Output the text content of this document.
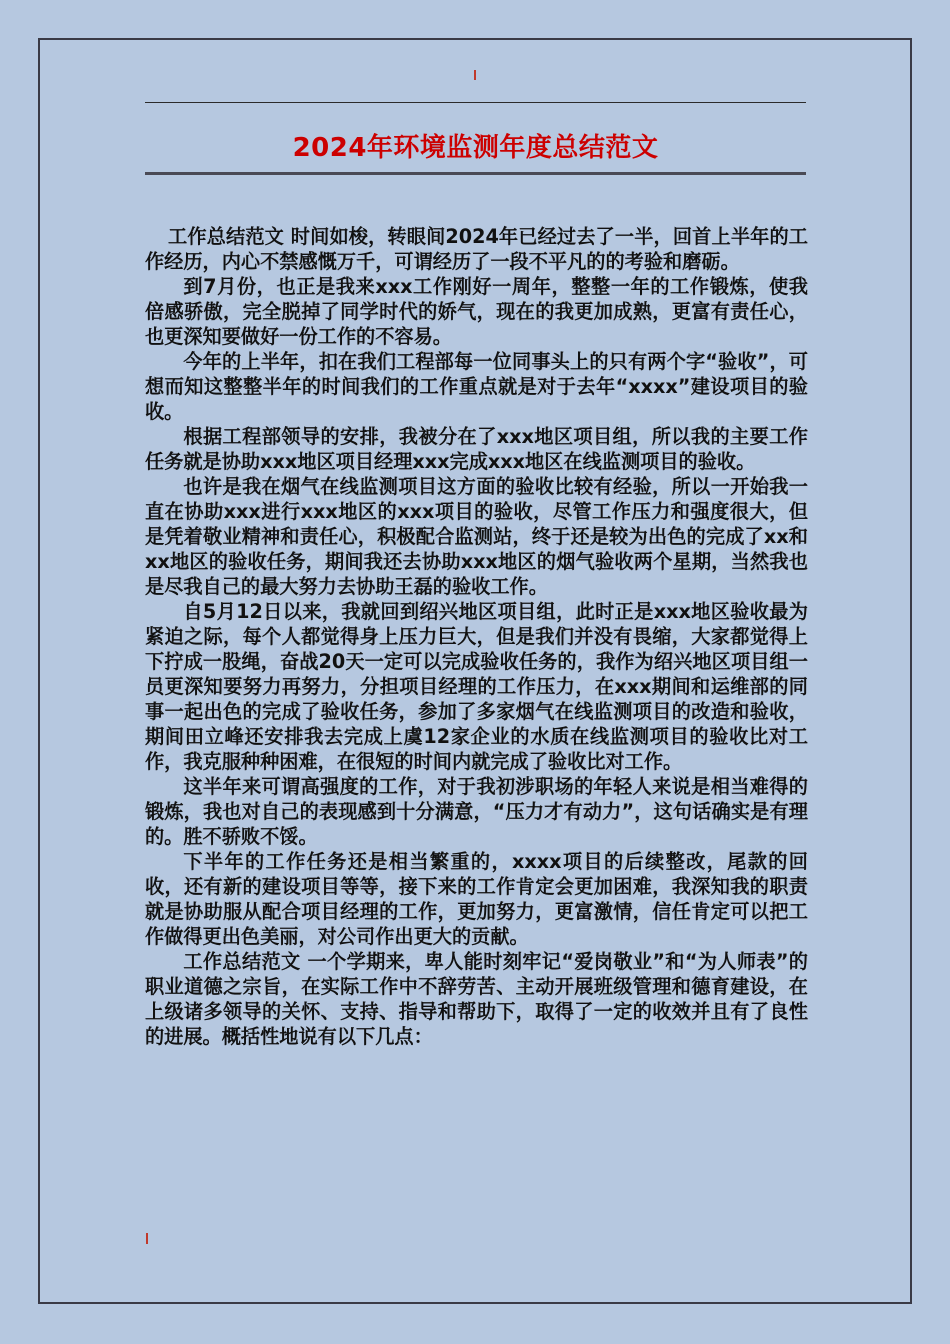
2024年环境监测年度总结范文

工作总结范文 时间如梭，转眼间2024年已经过去了一半，回首上半年的工作经历，内心不禁感慨万千，可谓经历了一段不平凡的的考验和磨砺。

到7月份，也正是我来xxx工作刚好一周年，整整一年的工作锻炼，使我倍感骄傲，完全脱掉了同学时代的娇气，现在的我更加成熟，更富有责任心，也更深知要做好一份工作的不容易。

今年的上半年，扣在我们工程部每一位同事头上的只有两个字“验收”，可想而知这整整半年的时间我们的工作重点就是对于去年“xxxx”建设项目的验收。

根据工程部领导的安排，我被分在了xxx地区项目组，所以我的主要工作任务就是协助xxx地区项目经理xxx完成xxx地区在线监测项目的验收。

也许是我在烟气在线监测项目这方面的验收比较有经验，所以一开始我一直在协助xxx进行xxx地区的xxx项目的验收，尽管工作压力和强度很大，但是凭着敬业精神和责任心，积极配合监测站，终于还是较为出色的完成了xx和xx地区的验收任务，期间我还去协助xxx地区的烟气验收两个星期，当然我也是尽我自己的最大努力去协助王磊的验收工作。

自5月12日以来，我就回到绍兴地区项目组，此时正是xxx地区验收最为紧迫之际，每个人都觉得身上压力巨大，但是我们并没有畏缩，大家都觉得上下拧成一股绳，奋战20天一定可以完成验收任务的，我作为绍兴地区项目组一员更深知要努力再努力，分担项目经理的工作压力，在xxx期间和运维部的同事一起出色的完成了验收任务，参加了多家烟气在线监测项目的改造和验收，期间田立峰还安排我去完成上虞12家企业的水质在线监测项目的验收比对工作，我克服种种困难，在很短的时间内就完成了验收比对工作。

这半年来可谓高强度的工作，对于我初涉职场的年轻人来说是相当难得的锻炼，我也对自己的表现感到十分满意，“压力才有动力”，这句话确实是有理的。胜不骄败不馁。

下半年的工作任务还是相当繁重的，xxxx项目的后续整改，尾款的回收，还有新的建设项目等等，接下来的工作肯定会更加困难，我深知我的职责就是协助服从配合项目经理的工作，更加努力，更富激情，信任肯定可以把工作做得更出色美丽，对公司作出更大的贡献。

工作总结范文 一个学期来，卑人能时刻牢记“爱岗敬业”和“为人师表”的职业道德之宗旨，在实际工作中不辞劳苦、主动开展班级管理和德育建设，在上级诸多领导的关怀、支持、指导和帮助下，取得了一定的收效并且有了良性的进展。概括性地说有以下几点：
